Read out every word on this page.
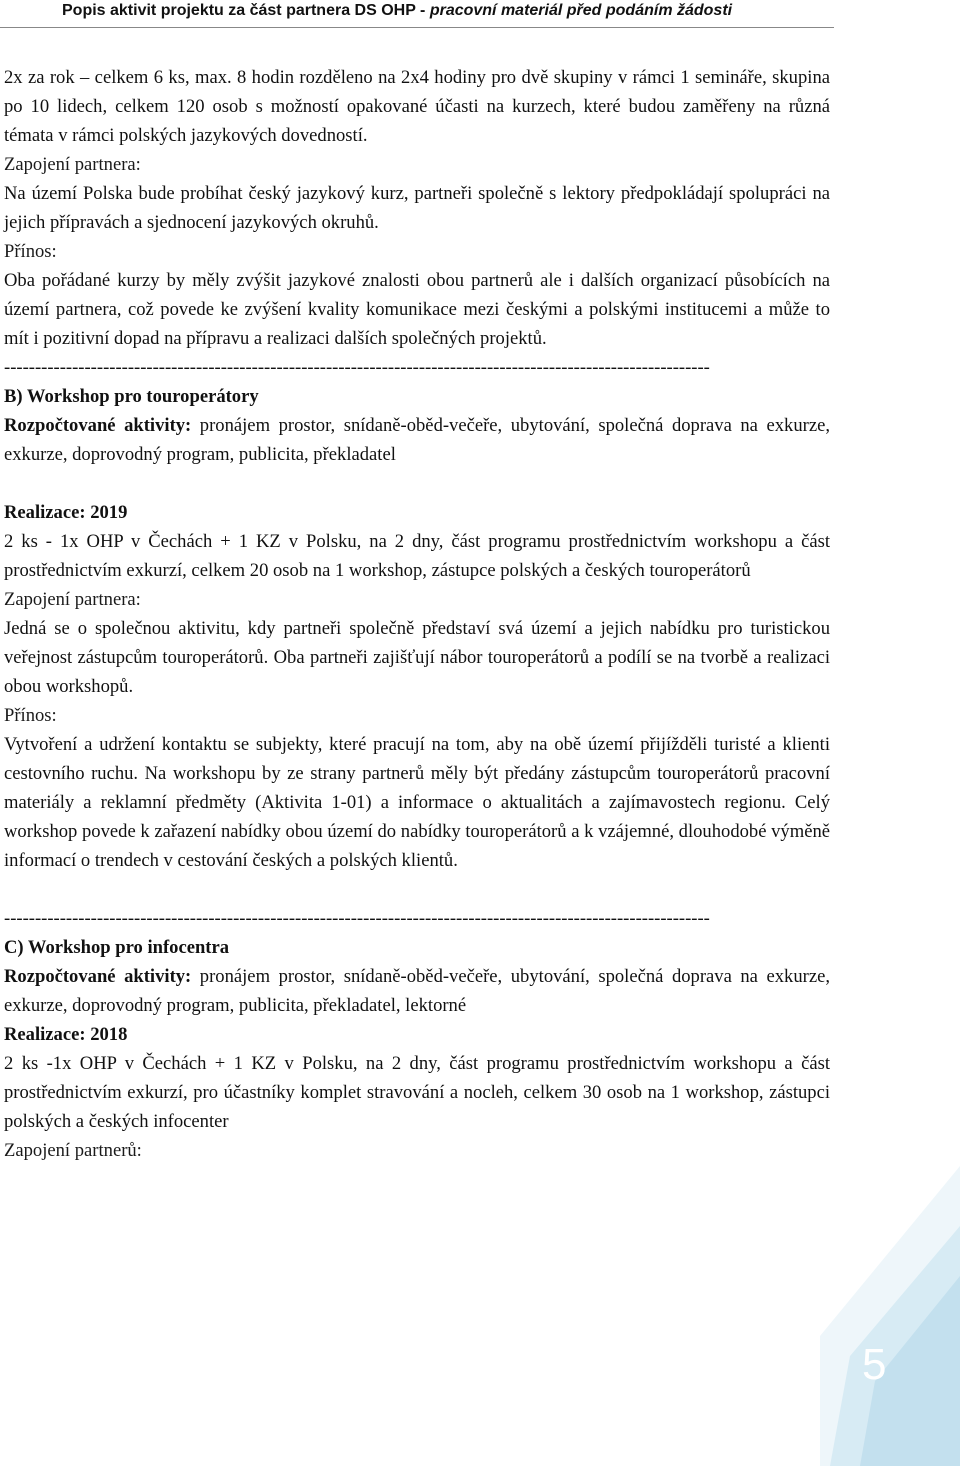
Popis aktivit projektu za část partnera DS OHP - pracovní materiál před podáním žádosti

2x za rok – celkem 6 ks, max. 8 hodin rozděleno na 2x4 hodiny pro dvě skupiny v rámci 1 semináře, skupina po 10 lidech, celkem 120 osob s možností opakované účasti na kurzech, které budou zaměřeny na různá témata v rámci polských jazykových dovedností.

Zapojení partnera:

Na území Polska bude probíhat český jazykový kurz, partneři společně s lektory předpokládají spolupráci na jejich přípravách a sjednocení jazykových okruhů.

Přínos:

Oba pořádané kurzy by měly zvýšit jazykové znalosti obou partnerů ale i dalších organizací působících na území partnera, což povede ke zvýšení kvality komunikace mezi českými a polskými institucemi a může to mít i pozitivní dopad na přípravu a realizaci dalších společných projektů.

------------------------------------------------------------------------------------------------------------------

B) Workshop pro touroperátory

Rozpočtované aktivity: pronájem prostor, snídaně-oběd-večeře, ubytování, společná doprava na exkurze, exkurze, doprovodný program, publicita, překladatel

Realizace: 2019

2 ks - 1x OHP v Čechách + 1 KZ v Polsku, na 2 dny, část programu prostřednictvím workshopu a část prostřednictvím exkurzí, celkem 20 osob na 1 workshop, zástupce polských a českých touroperátorů

Zapojení partnera:

Jedná se o společnou aktivitu, kdy partneři společně představí svá území a jejich nabídku pro turistickou veřejnost zástupcům touroperátorů. Oba partneři zajišťují nábor touroperátorů a podílí se na tvorbě a realizaci obou workshopů.

Přínos:

Vytvoření a udržení kontaktu se subjekty, které pracují na tom, aby na obě území přijížděli turisté a klienti cestovního ruchu. Na workshopu by ze strany partnerů měly být předány zástupcům touroperátorů pracovní materiály a reklamní předměty (Aktivita 1-01) a informace o aktualitách a zajímavostech regionu. Celý workshop povede k zařazení nabídky obou území do nabídky touroperátorů a k vzájemné, dlouhodobé výměně informací o trendech v cestování českých a polských klientů.

------------------------------------------------------------------------------------------------------------------

C) Workshop pro infocentra

Rozpočtované aktivity: pronájem prostor, snídaně-oběd-večeře, ubytování, společná doprava na exkurze, exkurze, doprovodný program, publicita, překladatel, lektorné

Realizace: 2018

2 ks -1x OHP v Čechách + 1 KZ v Polsku, na 2 dny, část programu prostřednictvím workshopu a část prostřednictvím exkurzí, pro účastníky komplet stravování a nocleh, celkem 30 osob na 1 workshop, zástupci polských a českých infocenter

Zapojení partnerů:

5
